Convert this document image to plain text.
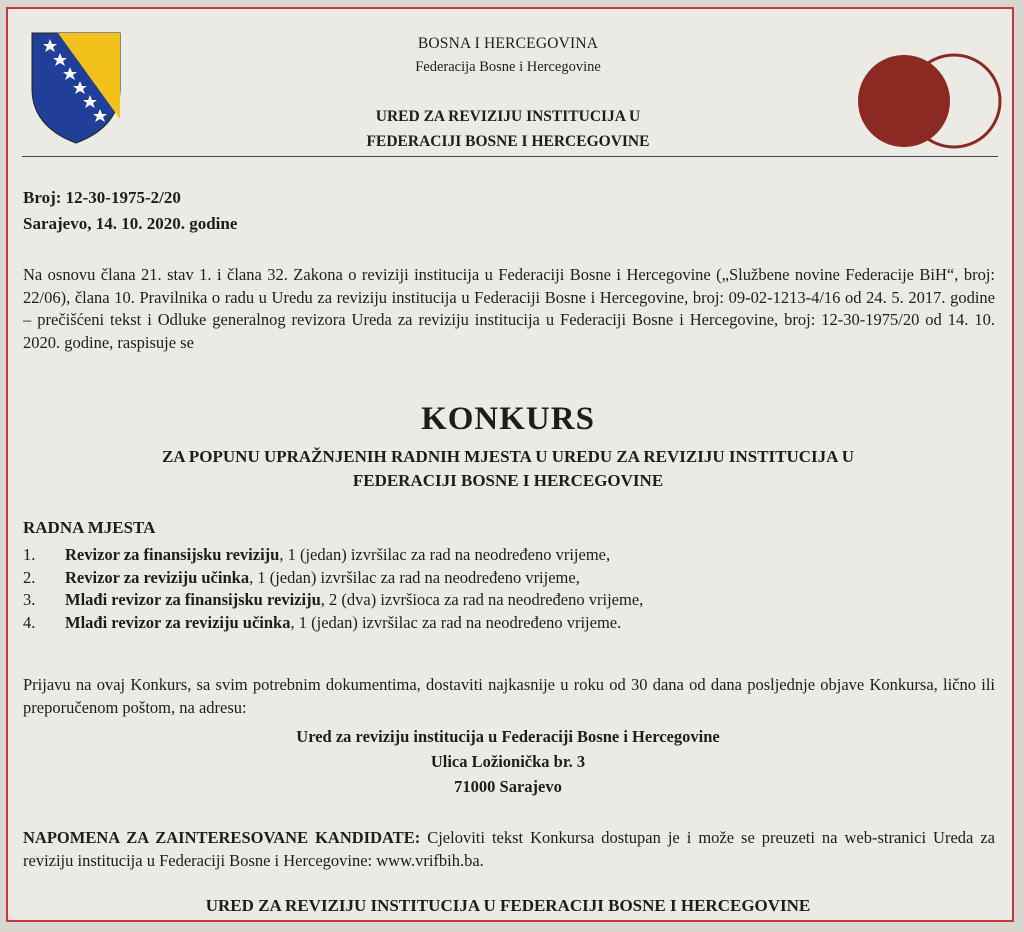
BOSNA I HERCEGOVINA
Federacija Bosne i Hercegovine
URED ZA REVIZIJU INSTITUCIJA U
FEDERACIJI BOSNE I HERCEGOVINE
Broj: 12-30-1975-2/20
Sarajevo, 14. 10. 2020. godine
Na osnovu člana 21. stav 1. i člana 32. Zakona o reviziji institucija u Federaciji Bosne i Hercegovine („Službene novine Federacije BiH“, broj: 22/06), člana 10. Pravilnika o radu u Uredu za reviziju institucija u Federaciji Bosne i Hercegovine, broj: 09-02-1213-4/16 od 24. 5. 2017. godine – prečišćeni tekst i Odluke generalnog revizora Ureda za reviziju institucija u Federaciji Bosne i Hercegovine, broj: 12-30-1975/20 od 14. 10. 2020. godine, raspisuje se
KONKURS
ZA POPUNU UPRAŽNJENIH RADNIH MJESTA U UREDU ZA REVIZIJU INSTITUCIJA U
FEDERACIJI BOSNE I HERCEGOVINE
RADNA MJESTA
1.	Revizor za finansijsku reviziju, 1 (jedan) izvršilac za rad na neodređeno vrijeme,
2.	Revizor za reviziju učinka, 1 (jedan) izvršilac za rad na neodređeno vrijeme,
3.	Mlađi revizor za finansijsku reviziju, 2 (dva) izvršioca za rad na neodređeno vrijeme,
4.	Mlađi revizor za reviziju učinka, 1 (jedan) izvršilac za rad na neodređeno vrijeme.
Prijavu na ovaj Konkurs, sa svim potrebnim dokumentima, dostaviti najkasnije u roku od 30 dana od dana posljednje objave Konkursa, lično ili preporučenom poštom, na adresu:
Ured za reviziju institucija u Federaciji Bosne i Hercegovine
Ulica Ložionička br. 3
71000 Sarajevo
NAPOMENA ZA ZAINTERESOVANE KANDIDATE: Cjeloviti tekst Konkursa dostupan je i može se preuzeti na web-stranici Ureda za reviziju institucija u Federaciji Bosne i Hercegovine: www.vrifbih.ba.
URED ZA REVIZIJU INSTITUCIJA U FEDERACIJI BOSNE I HERCEGOVINE
